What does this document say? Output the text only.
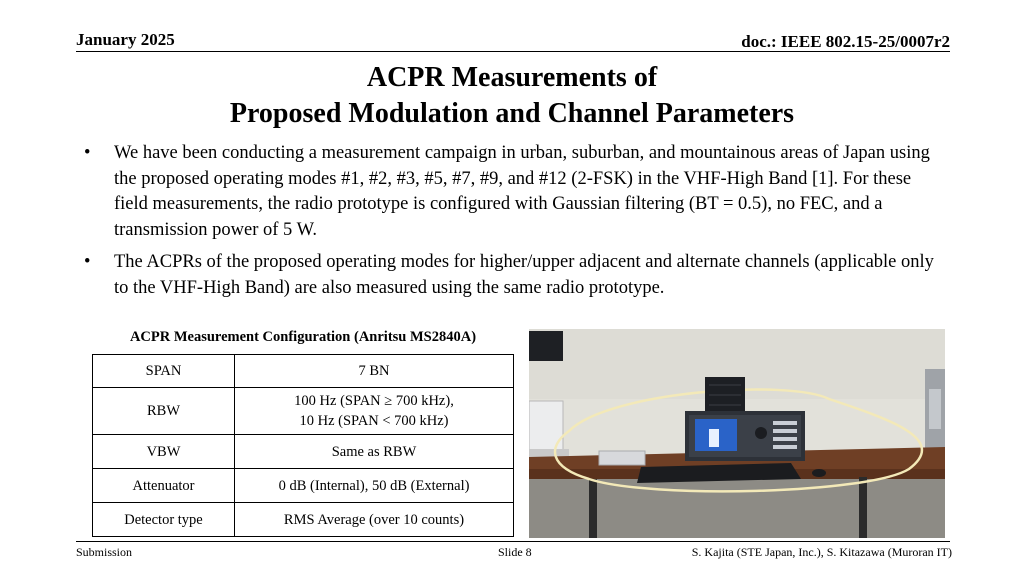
January 2025	doc.: IEEE 802.15-25/0007r2
ACPR Measurements of
Proposed Modulation and Channel Parameters
• We have been conducting a measurement campaign in urban, suburban, and mountainous areas of Japan using the proposed operating modes #1, #2, #3, #5, #7, #9, and #12 (2-FSK) in the VHF-High Band [1]. For these field measurements, the radio prototype is configured with Gaussian filtering (BT = 0.5), no FEC, and a transmission power of 5 W.
• The ACPRs of the proposed operating modes for higher/upper adjacent and alternate channels (applicable only to the VHF-High Band) are also measured using the same radio prototype.
ACPR Measurement Configuration (Anritsu MS2840A)
SPAN	7 BN

RBW	100 Hz (SPAN ≥ 700 kHz),
10 Hz (SPAN < 700 kHz)

VBW	Same as RBW

Attenuator	0 dB (Internal), 50 dB (External)

Detector type	RMS Average (over 10 counts)
Submission	Slide 8	S. Kajita (STE Japan, Inc.), S. Kitazawa (Muroran IT)
